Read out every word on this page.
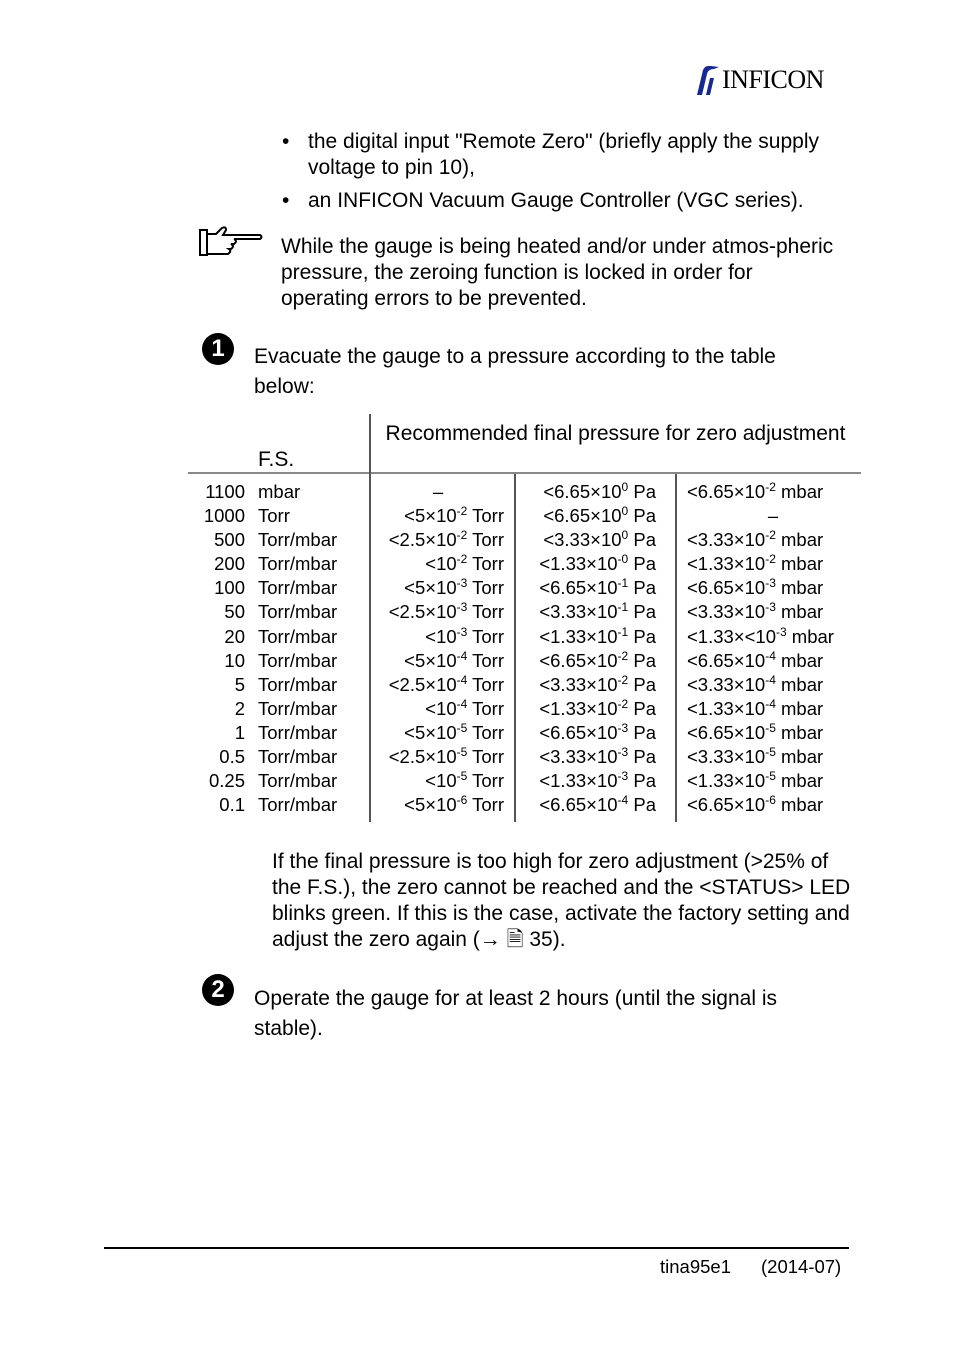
INFICON
• the digital input "Remote Zero" (briefly apply the supply voltage to pin 10),
• an INFICON Vacuum Gauge Controller (VGC series).
While the gauge is being heated and/or under atmos-pheric pressure, the zeroing function is locked in order for operating errors to be prevented.
1	Evacuate the gauge to a pressure according to the table below:
F.S.
Recommended final pressure for zero adjustment
1100
1000
500
200
100
50
20
10
5
2
1
0.5
0.25
0.1
mbar
Torr
Torr/mbar
Torr/mbar
Torr/mbar
Torr/mbar
Torr/mbar
Torr/mbar
Torr/mbar
Torr/mbar
Torr/mbar
Torr/mbar
Torr/mbar
Torr/mbar
–
$<5\times 10^{-2}$ Torr
$<2.5\times 10^{-2}$ Torr
$<10^{-2}$ Torr
$<5\times 10^{-3}$ Torr
$<2.5\times 10^{-3}$ Torr
$<10^{-3}$ Torr
$<5\times 10^{-4}$ Torr
$<2.5\times 10^{-4}$ Torr
$<10^{-4}$ Torr
$<5\times 10^{-5}$ Torr
$<2.5\times 10^{-5}$ Torr
$<10^{-5}$ Torr
$<5\times 10^{-6}$ Torr
$<6.65\times 10^0$ Pa
$<6.65\times 10^0$ Pa
$<3.33\times 10^0$ Pa
$<1.33\times 10^{-0}$ Pa
$<6.65\times 10^{-1}$ Pa
$<3.33\times 10^{-1}$ Pa
$<1.33\times 10^{-1}$ Pa
$<6.65\times 10^{-2}$ Pa
$<3.33\times 10^{-2}$ Pa
$<1.33\times 10^{-2}$ Pa
$<6.65\times 10^{-3}$ Pa
$<3.33\times 10^{-3}$ Pa
$<1.33\times 10^{-3}$ Pa
$<6.65\times 10^{-4}$ Pa
$<6.65\times 10^{-2}$ mbar
–
$<3.33\times 10^{-2}$ mbar
$<1.33\times 10^{-2}$ mbar
$<6.65\times 10^{-3}$ mbar
$<3.33\times 10^{-3}$ mbar
$<1.33\times<10^{-3}$ mbar
$<6.65\times 10^{-4}$ mbar
$<3.33\times 10^{-4}$ mbar
$<1.33\times 10^{-4}$ mbar
$<6.65\times 10^{-5}$ mbar
$<3.33\times 10^{-5}$ mbar
$<1.33\times 10^{-5}$ mbar
$<6.65\times 10^{-6}$ mbar
If the final pressure is too high for zero adjustment (>25% of the F.S.), the zero cannot be reached and the <STATUS> LED blinks green. If this is the case, activate the factory setting and adjust the zero again (→ 🗎 35).
2	Operate the gauge for at least 2 hours (until the signal is stable).
tina95e1 (2014-07)
